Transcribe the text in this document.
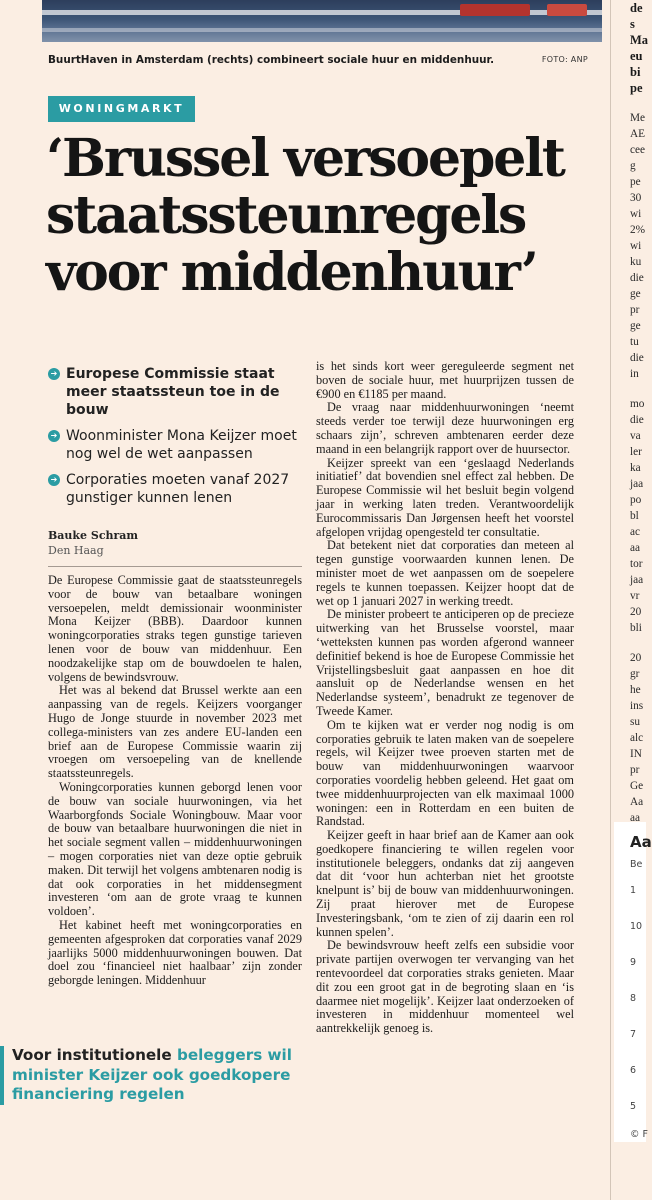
BuurtHaven in Amsterdam (rechts) combineert sociale huur en middenhuur.	FOTO: ANP
WONINGMARKT
‘Brussel versoepelt
staatssteunregels
voor middenhuur’
➔ Europese Commissie staat meer staatssteun toe in de bouw
➔ Woonminister Mona Keijzer moet nog wel de wet aanpassen
➔ Corporaties moeten vanaf 2027 gunstiger kunnen lenen
Bauke Schram
Den Haag

De Europese Commissie gaat de staatssteunregels voor de bouw van betaalbare woningen versoepelen, meldt demissionair woonminister Mona Keijzer (BBB). Daardoor kunnen woningcorporaties straks tegen gunstige tarieven lenen voor de bouw van middenhuur. Een noodzakelijke stap om de bouwdoelen te halen, volgens de bewindsvrouw.

Het was al bekend dat Brussel werkte aan een aanpassing van de regels. Keijzers voorganger Hugo de Jonge stuurde in november 2023 met collega-ministers van zes andere EU-landen een brief aan de Europese Commissie waarin zij vroegen om versoepeling van de knellende staatssteunregels.

Woningcorporaties kunnen geborgd lenen voor de bouw van sociale huurwoningen, via het Waarborgfonds Sociale Woningbouw. Maar voor de bouw van betaalbare huurwoningen die niet in het sociale segment vallen – middenhuurwoningen – mogen corporaties niet van deze optie gebruik maken. Dit terwijl het volgens ambtenaren nodig is dat ook corporaties in het middensegment investeren ‘om aan de grote vraag te kunnen voldoen’.

Het kabinet heeft met woningcorporaties en gemeenten afgesproken dat corporaties vanaf 2029 jaarlijks 5000 middenhuurwoningen bouwen. Dat doel zou ‘financieel niet haalbaar’ zijn zonder geborgde leningen. Middenhuur

is het sinds kort weer gereguleerde segment net boven de sociale huur, met huurprijzen tussen de €900 en €1185 per maand.

De vraag naar middenhuurwoningen ‘neemt steeds verder toe terwijl deze huurwoningen erg schaars zijn’, schreven ambtenaren eerder deze maand in een belangrijk rapport over de huursector.

Keijzer spreekt van een ‘geslaagd Nederlands initiatief’ dat bovendien snel effect zal hebben. De Europese Commissie wil het besluit begin volgend jaar in werking laten treden. Verantwoordelijk Eurocommissaris Dan Jørgensen heeft het voorstel afgelopen vrijdag opengesteld ter consultatie.

Dat betekent niet dat corporaties dan meteen al tegen gunstige voorwaarden kunnen lenen. De minister moet de wet aanpassen om de soepelere regels te kunnen toepassen. Keijzer hoopt dat de wet op 1 januari 2027 in werking treedt.

De minister probeert te anticiperen op de precieze uitwerking van het Brusselse voorstel, maar ‘wetteksten kunnen pas worden afgerond wanneer definitief bekend is hoe de Europese Commissie het Vrijstellingsbesluit gaat aanpassen en hoe dit aansluit op de Nederlandse wensen en het Nederlandse systeem’, benadrukt ze tegenover de Tweede Kamer.

Om te kijken wat er verder nog nodig is om corporaties gebruik te laten maken van de soepelere regels, wil Keijzer twee proeven starten met de bouw van middenhuurwoningen waarvoor corporaties voordelig hebben geleend. Het gaat om twee middenhuurprojecten van elk maximaal 1000 woningen: een in Rotterdam en een buiten de Randstad.

Keijzer geeft in haar brief aan de Kamer aan ook goedkopere financiering te willen regelen voor institutionele beleggers, ondanks dat zij aangeven dat dit ‘voor hun achterban niet het grootste knelpunt is’ bij de bouw van middenhuurwoningen. Zij praat hierover met de Europese Investeringsbank, ‘om te zien of zij daarin een rol kunnen spelen’.

De bewindsvrouw heeft zelfs een subsidie voor private partijen overwogen ter vervanging van het rentevoordeel dat corporaties straks genieten. Maar dit zou een groot gat in de begroting slaan en ‘is daarmee niet mogelijk’. Keijzer laat onderzoeken of investeren in middenhuur momenteel wel aantrekkelijk genoeg is.

Voor institutionele beleggers wil minister Keijzer ook goedkopere financiering regelen
Aa
Be
1
10
9
8
7
6
5
© F
de
s
Ma
eu
bi
pe
Me
AE
cee
g
pe
30
wi
2%
wi
ku
die
ge
pr
ge
tu
die
in
mo
die
va
ler
ka
jaa
po
bl
ac
aa
tor
jaa
vr
20
bli
20
gr
he
ins
su
alc
IN
pr
Ge
Aa
aa
